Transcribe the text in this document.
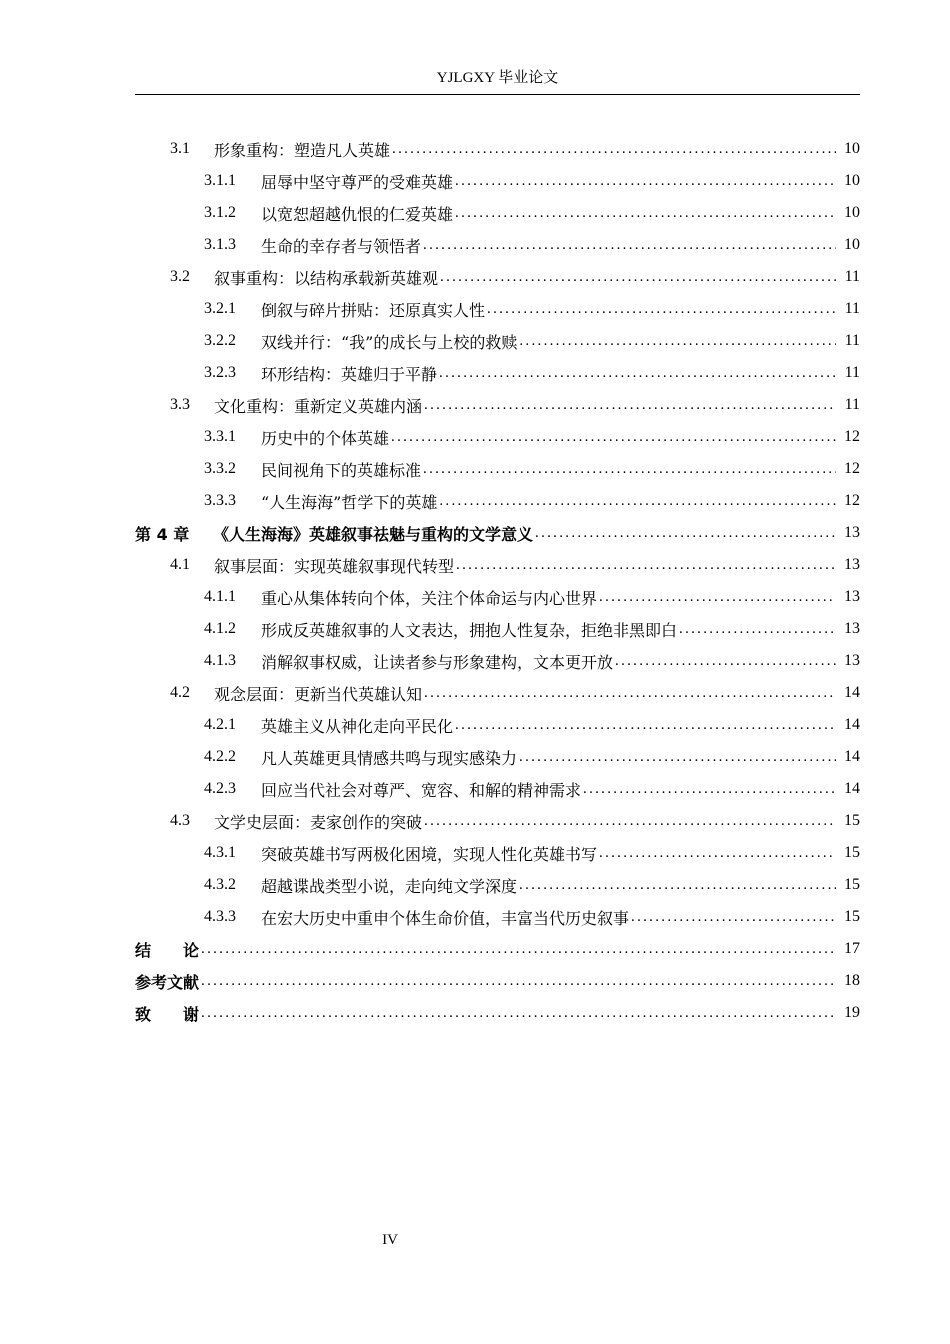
YJLGXY 毕业论文
3.1	形象重构：塑造凡人英雄 .....	10
3.1.1	屈辱中坚守尊严的受难英雄 .....	10
3.1.2	以宽恕超越仇恨的仁爱英雄 .....	10
3.1.3	生命的幸存者与领悟者 .....	10
3.2	叙事重构：以结构承载新英雄观 .....	11
3.2.1	倒叙与碎片拼贴：还原真实人性 .....	11
3.2.2	双线并行：“我”的成长与上校的救赎 .....	11
3.2.3	环形结构：英雄归于平静 .....	11
3.3	文化重构：重新定义英雄内涵 .....	11
3.3.1	历史中的个体英雄 .....	12
3.3.2	民间视角下的英雄标准 .....	12
3.3.3	“人生海海”哲学下的英雄 .....	12
第 4 章	《人生海海》英雄叙事祛魅与重构的文学意义 .....	13
4.1	叙事层面：实现英雄叙事现代转型 .....	13
4.1.1	重心从集体转向个体，关注个体命运与内心世界 .....	13
4.1.2	形成反英雄叙事的人文表达，拥抱人性复杂，拒绝非黑即白 .....	13
4.1.3	消解叙事权威，让读者参与形象建构，文本更开放 .....	13
4.2	观念层面：更新当代英雄认知 .....	14
4.2.1	英雄主义从神化走向平民化 .....	14
4.2.2	凡人英雄更具情感共鸣与现实感染力 .....	14
4.2.3	回应当代社会对尊严、宽容、和解的精神需求 .....	14
4.3	文学史层面：麦家创作的突破 .....	15
4.3.1	突破英雄书写两极化困境，实现人性化英雄书写 .....	15
4.3.2	超越谍战类型小说，走向纯文学深度 .....	15
4.3.3	在宏大历史中重申个体生命价值，丰富当代历史叙事 .....	15
结　　论 .....	17
参考文献 .....	18
致　　谢 .....	19
IV
